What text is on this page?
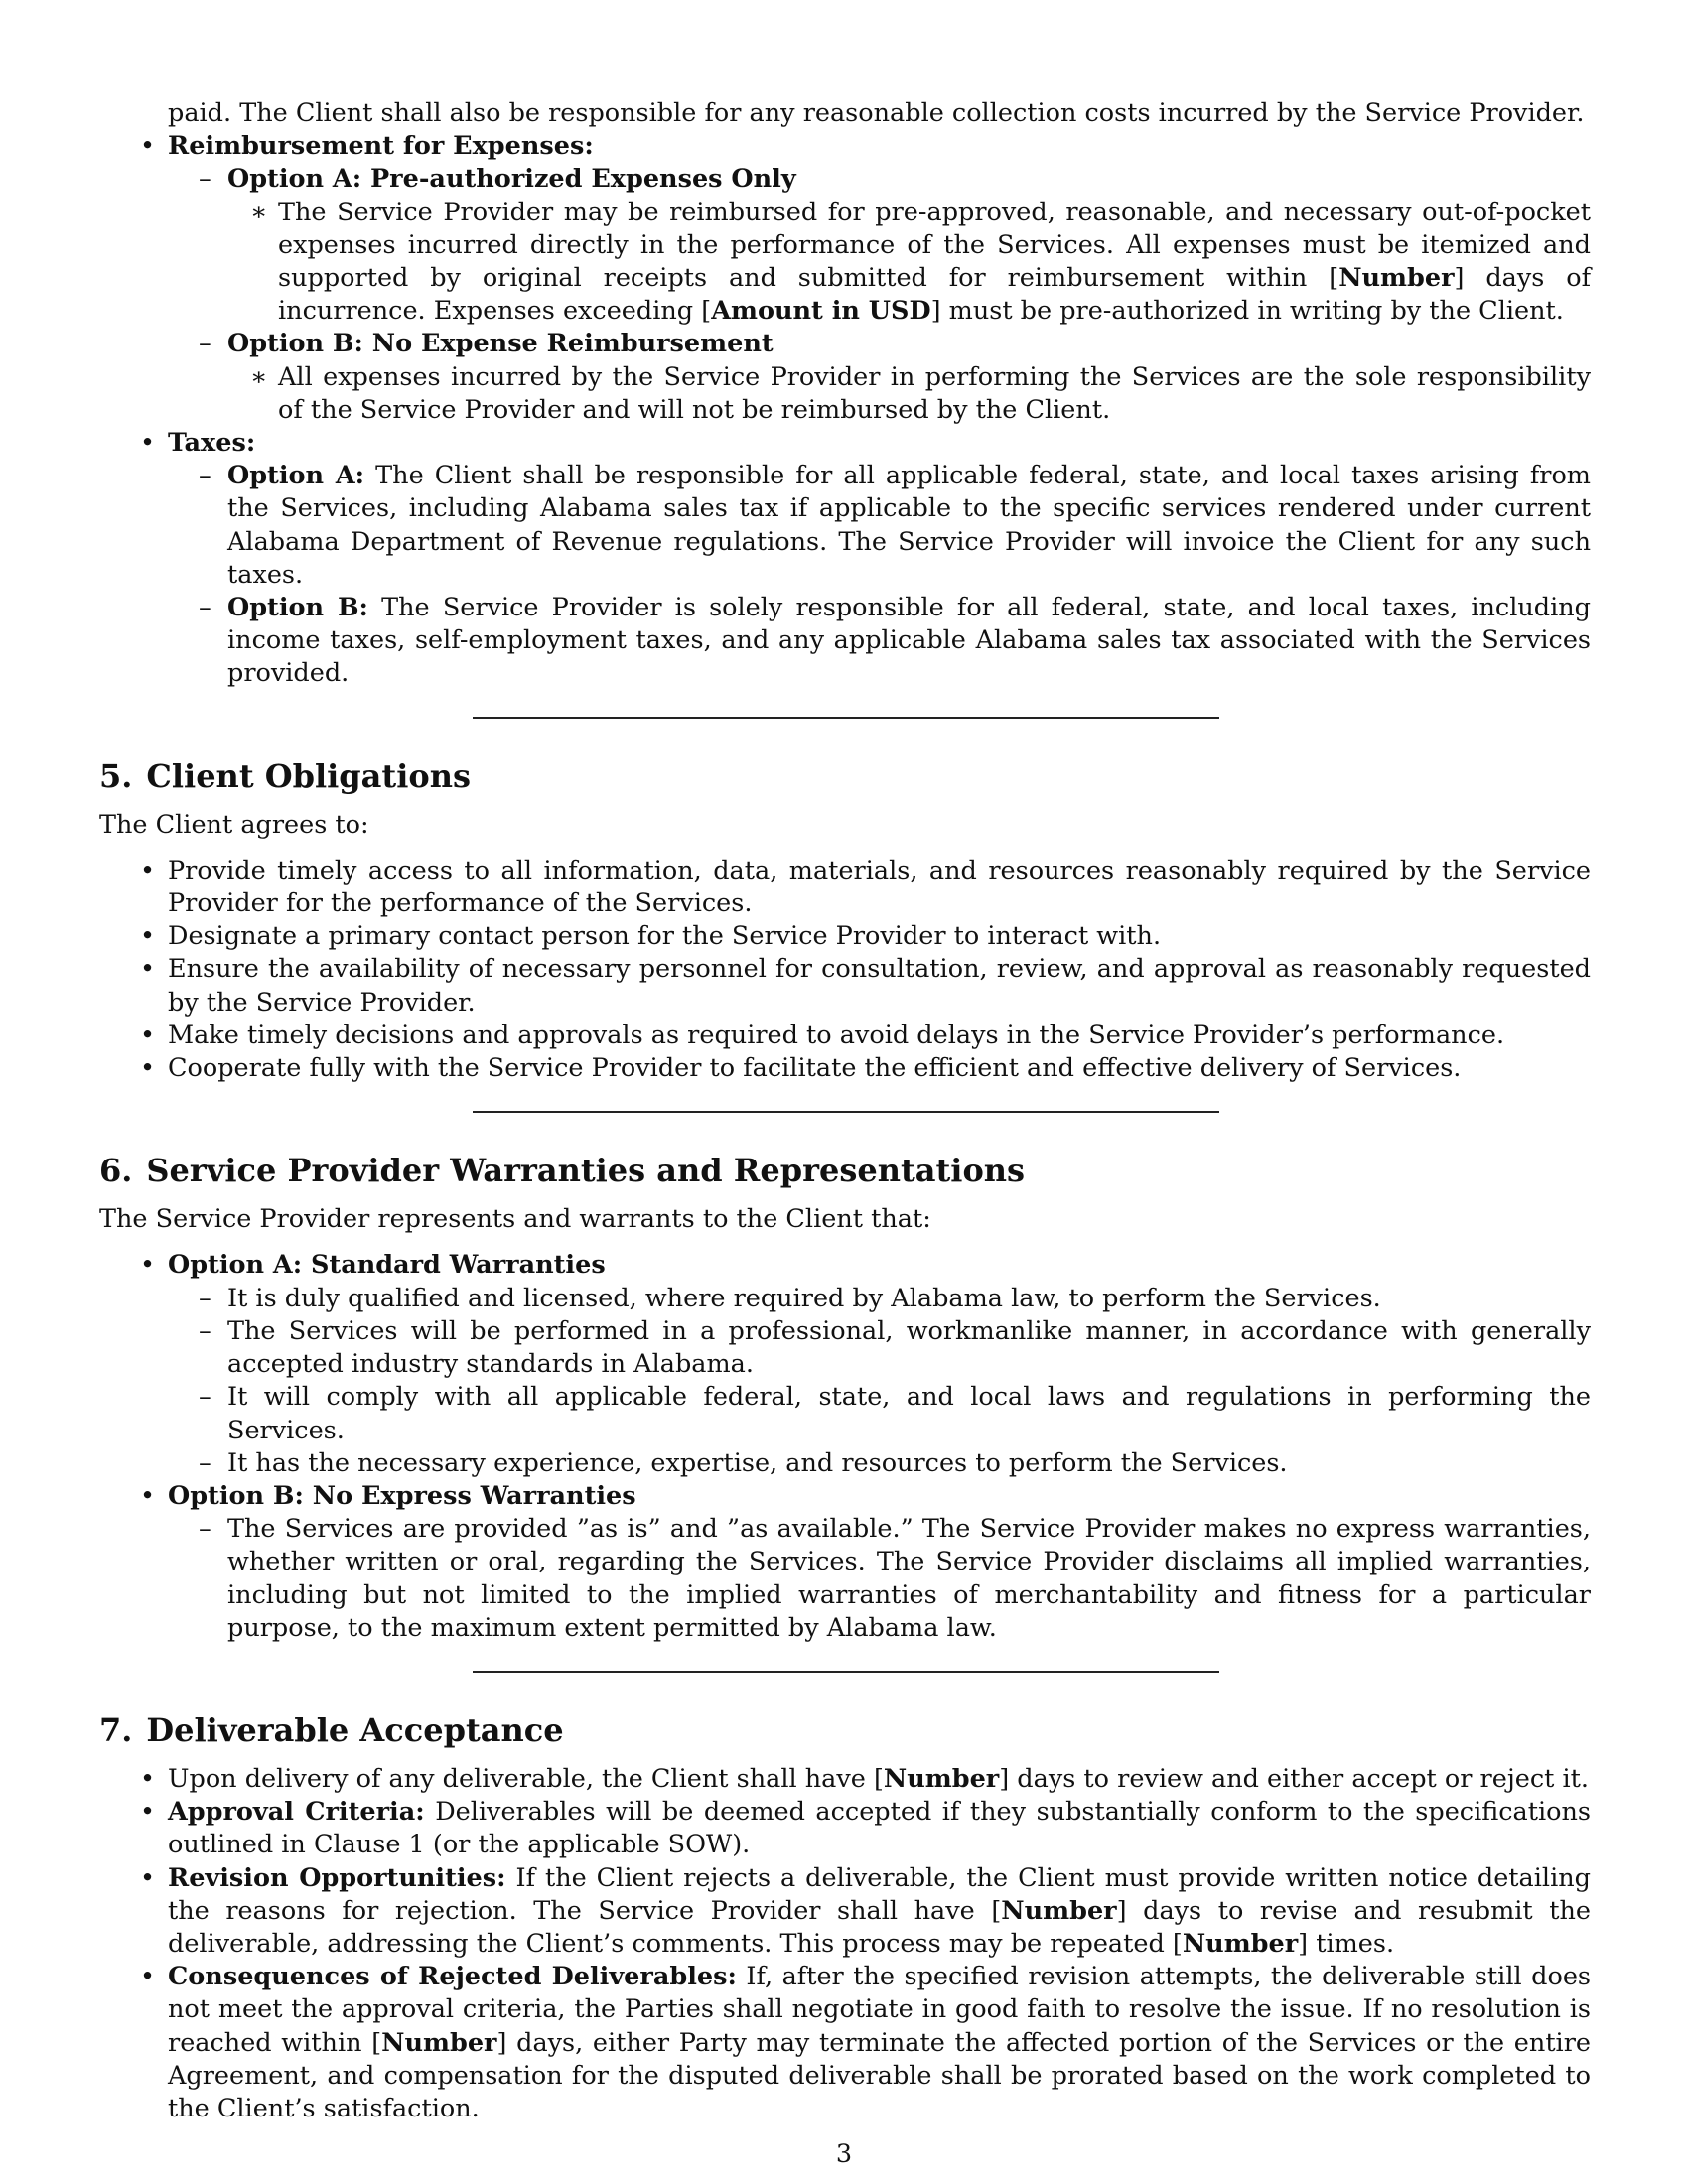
paid. The Client shall also be responsible for any reasonable collection costs incurred by the Service Provider.

• Reimbursement for Expenses:
– Option A: Pre-authorized Expenses Only
∗ The Service Provider may be reimbursed for pre-approved, reasonable, and necessary out-of-pocket expenses incurred directly in the performance of the Services. All expenses must be itemized and supported by original receipts and submitted for reimbursement within [Number] days of incurrence. Expenses exceeding [Amount in USD] must be pre-authorized in writing by the Client.
– Option B: No Expense Reimbursement
∗ All expenses incurred by the Service Provider in performing the Services are the sole responsibility of the Service Provider and will not be reimbursed by the Client.
• Taxes:
– Option A: The Client shall be responsible for all applicable federal, state, and local taxes arising from the Services, including Alabama sales tax if applicable to the specific services rendered under current Alabama Department of Revenue regulations. The Service Provider will invoice the Client for any such taxes.
– Option B: The Service Provider is solely responsible for all federal, state, and local taxes, including income taxes, self-employment taxes, and any applicable Alabama sales tax associated with the Services provided.
5. Client Obligations

The Client agrees to:

• Provide timely access to all information, data, materials, and resources reasonably required by the Service Provider for the performance of the Services.
• Designate a primary contact person for the Service Provider to interact with.
• Ensure the availability of necessary personnel for consultation, review, and approval as reasonably requested by the Service Provider.
• Make timely decisions and approvals as required to avoid delays in the Service Provider’s performance.
• Cooperate fully with the Service Provider to facilitate the efficient and effective delivery of Services.
6. Service Provider Warranties and Representations

The Service Provider represents and warrants to the Client that:

• Option A: Standard Warranties
– It is duly qualified and licensed, where required by Alabama law, to perform the Services.
– The Services will be performed in a professional, workmanlike manner, in accordance with generally accepted industry standards in Alabama.
– It will comply with all applicable federal, state, and local laws and regulations in performing the Services.
– It has the necessary experience, expertise, and resources to perform the Services.
• Option B: No Express Warranties
– The Services are provided ”as is” and ”as available.” The Service Provider makes no express warranties, whether written or oral, regarding the Services. The Service Provider disclaims all implied warranties, including but not limited to the implied warranties of merchantability and fitness for a particular purpose, to the maximum extent permitted by Alabama law.
7. Deliverable Acceptance
• Upon delivery of any deliverable, the Client shall have [Number] days to review and either accept or reject it.
• Approval Criteria: Deliverables will be deemed accepted if they substantially conform to the specifications outlined in Clause 1 (or the applicable SOW).
• Revision Opportunities: If the Client rejects a deliverable, the Client must provide written notice detailing the reasons for rejection. The Service Provider shall have [Number] days to revise and resubmit the deliverable, addressing the Client’s comments. This process may be repeated [Number] times.
• Consequences of Rejected Deliverables: If, after the specified revision attempts, the deliverable still does not meet the approval criteria, the Parties shall negotiate in good faith to resolve the issue. If no resolution is reached within [Number] days, either Party may terminate the affected portion of the Services or the entire Agreement, and compensation for the disputed deliverable shall be prorated based on the work completed to the Client’s satisfaction.
3
